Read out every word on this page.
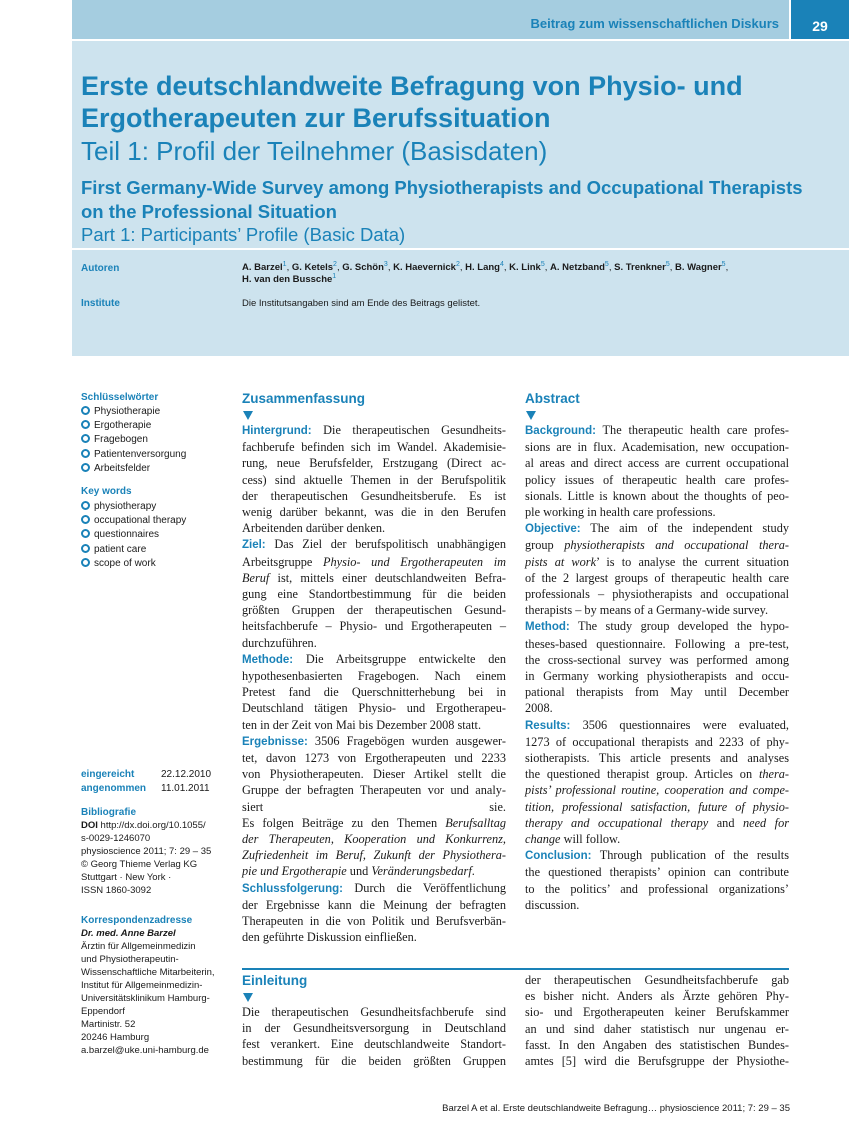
Beitrag zum wissenschaftlichen Diskurs	29
Erste deutschlandweite Befragung von Physio- und Ergotherapeuten zur Berufssituation
Teil 1: Profil der Teilnehmer (Basisdaten)
First Germany-Wide Survey among Physiotherapists and Occupational Therapists on the Professional Situation
Part 1: Participants’ Profile (Basic Data)
Autoren	A. Barzel$^1$, G. Ketels$^2$, G. Schön$^3$, K. Haevernick$^2$, H. Lang$^4$, K. Link$^5$, A. Netzband$^5$, S. Trenkner$^5$, B. Wagner$^5$,
H. van den Bussche$^1$
Institute	Die Institutsangaben sind am Ende des Beitrags gelistet.
Schlüsselwörter
Physiotherapie
Ergotherapie
Fragebogen
Patientenversorgung
Arbeitsfelder
Key words
physiotherapy
occupational therapy
questionnaires
patient care
scope of work
eingereicht	22.12.2010
angenommen 11.01.2011
Bibliografie
DOI http://dx.doi.org/10.1055/
s-0029-1246070
physioscience 2011; 7: 29 – 35
© Georg Thieme Verlag KG
Stuttgart · New York ·
ISSN 1860-3092
Korrespondenzadresse
Dr. med. Anne Barzel
Ärztin für Allgemeinmedizin
und Physiotherapeutin-
Wissenschaftliche Mitarbeiterin,
Institut für Allgemeinmedizin-
Universitätsklinikum Hamburg-
Eppendorf
Martinistr. 52
20246 Hamburg
a.barzel@uke.uni-hamburg.de
Zusammenfassung
Hintergrund: Die therapeutischen Gesundheits-
fachberufe befinden sich im Wandel. Akademisie-
rung, neue Berufsfelder, Erstzugang (Direct ac-
cess) sind aktuelle Themen in der Berufspolitik
der therapeutischen Gesundheitsberufe. Es ist
wenig darüber bekannt, was die in den Berufen
Arbeitenden darüber denken.
Ziel: Das Ziel der berufspolitisch unabhängigen
Arbeitsgruppe Physio- und Ergotherapeuten im
Beruf ist, mittels einer deutschlandweiten Befra-
gung eine Standortbestimmung für die beiden
größten Gruppen der therapeutischen Gesund-
heitsfachberufe – Physio- und Ergotherapeuten –
durchzuführen.
Methode: Die Arbeitsgruppe entwickelte den
hypothesenbasierten Fragebogen. Nach einem
Pretest fand die Querschnitterhebung bei in
Deutschland tätigen Physio- und Ergotherapeu-
ten in der Zeit von Mai bis Dezember 2008 statt.
Ergebnisse: 3506 Fragebögen wurden ausgewer-
tet, davon 1273 von Ergotherapeuten und 2233
von Physiotherapeuten. Dieser Artikel stellt die
Gruppe der befragten Therapeuten vor und analy-
siert sie.
Es folgen Beiträge zu den Themen Berufsalltag
der Therapeuten, Kooperation und Konkurrenz,
Zufriedenheit im Beruf, Zukunft der Physiothera-
pie und Ergotherapie und Veränderungsbedarf.
Schlussfolgerung: Durch die Veröffentlichung
der Ergebnisse kann die Meinung der befragten
Therapeuten in die von Politik und Berufsverbän-
den geführte Diskussion einfließen.
Abstract
Background: The therapeutic health care profes-
sions are in flux. Academisation, new occupation-
al areas and direct access are current occupational
policy issues of therapeutic health care profes-
sionals. Little is known about the thoughts of peo-
ple working in health care professions.
Objective: The aim of the independent study
group physiotherapists and occupational thera-
pists at work’ is to analyse the current situation
of the 2 largest groups of therapeutic health care
professionals – physiotherapists and occupational
therapists – by means of a Germany-wide survey.
Method: The study group developed the hypo-
theses-based questionnaire. Following a pre-test,
the cross-sectional survey was performed among
in Germany working physiotherapists and occu-
pational therapists from May until December
2008.
Results: 3506 questionnaires were evaluated,
1273 of occupational therapists and 2233 of phy-
siotherapists. This article presents and analyses
the questioned therapist group. Articles on thera-
pists’ professional routine, cooperation and compe-
tition, professional satisfaction, future of physio-
therapy and occupational therapy and need for
change will follow.
Conclusion: Through publication of the results
the questioned therapists’ opinion can contribute
to the politics’ and professional organizations’
discussion.
Einleitung
Die therapeutischen Gesundheitsfachberufe sind
in der Gesundheitsversorgung in Deutschland
fest verankert. Eine deutschlandweite Standort-
bestimmung für die beiden größten Gruppen
der therapeutischen Gesundheitsfachberufe gab
es bisher nicht. Anders als Ärzte gehören Phy-
sio- und Ergotherapeuten keiner Berufskammer
an und sind daher statistisch nur ungenau er-
fasst. In den Angaben des statistischen Bundes-
amtes [5] wird die Berufsgruppe der Physiothe-
Barzel A et al. Erste deutschlandweite Befragung… physioscience 2011; 7: 29 – 35
